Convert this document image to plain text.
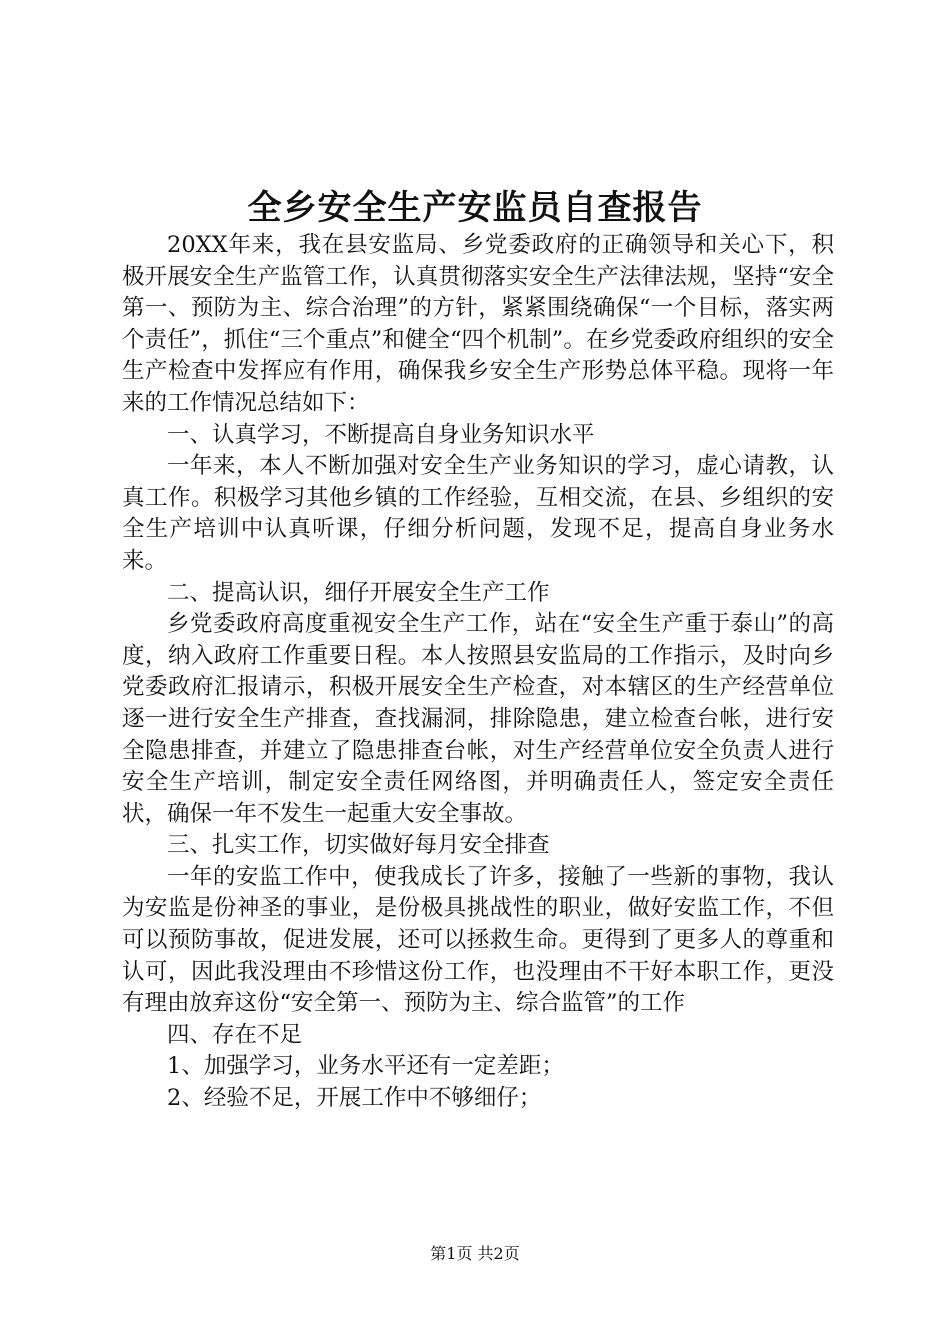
全乡安全生产安监员自查报告

20XX年来，我在县安监局、乡党委政府的正确领导和关心下，积极开展安全生产监管工作，认真贯彻落实安全生产法律法规，坚持“安全第一、预防为主、综合治理”的方针，紧紧围绕确保“一个目标，落实两个责任”，抓住“三个重点”和健全“四个机制”。在乡党委政府组织的安全生产检查中发挥应有作用，确保我乡安全生产形势总体平稳。现将一年来的工作情况总结如下：

一、认真学习，不断提高自身业务知识水平

一年来，本人不断加强对安全生产业务知识的学习，虚心请教，认真工作。积极学习其他乡镇的工作经验，互相交流，在县、乡组织的安全生产培训中认真听课，仔细分析问题，发现不足，提高自身业务水来。

二、提高认识，细仔开展安全生产工作

乡党委政府高度重视安全生产工作，站在“安全生产重于泰山”的高度，纳入政府工作重要日程。本人按照县安监局的工作指示，及时向乡党委政府汇报请示，积极开展安全生产检查，对本辖区的生产经营单位逐一进行安全生产排查，查找漏洞，排除隐患，建立检查台帐，进行安全隐患排查，并建立了隐患排查台帐，对生产经营单位安全负责人进行安全生产培训，制定安全责任网络图，并明确责任人，签定安全责任状，确保一年不发生一起重大安全事故。

三、扎实工作，切实做好每月安全排查

一年的安监工作中，使我成长了许多，接触了一些新的事物，我认为安监是份神圣的事业，是份极具挑战性的职业，做好安监工作，不但可以预防事故，促进发展，还可以拯救生命。更得到了更多人的尊重和认可，因此我没理由不珍惜这份工作，也没理由不干好本职工作，更没有理由放弃这份“安全第一、预防为主、综合监管”的工作

四、存在不足

1、加强学习，业务水平还有一定差距；

2、经验不足，开展工作中不够细仔；

第1页 共2页
